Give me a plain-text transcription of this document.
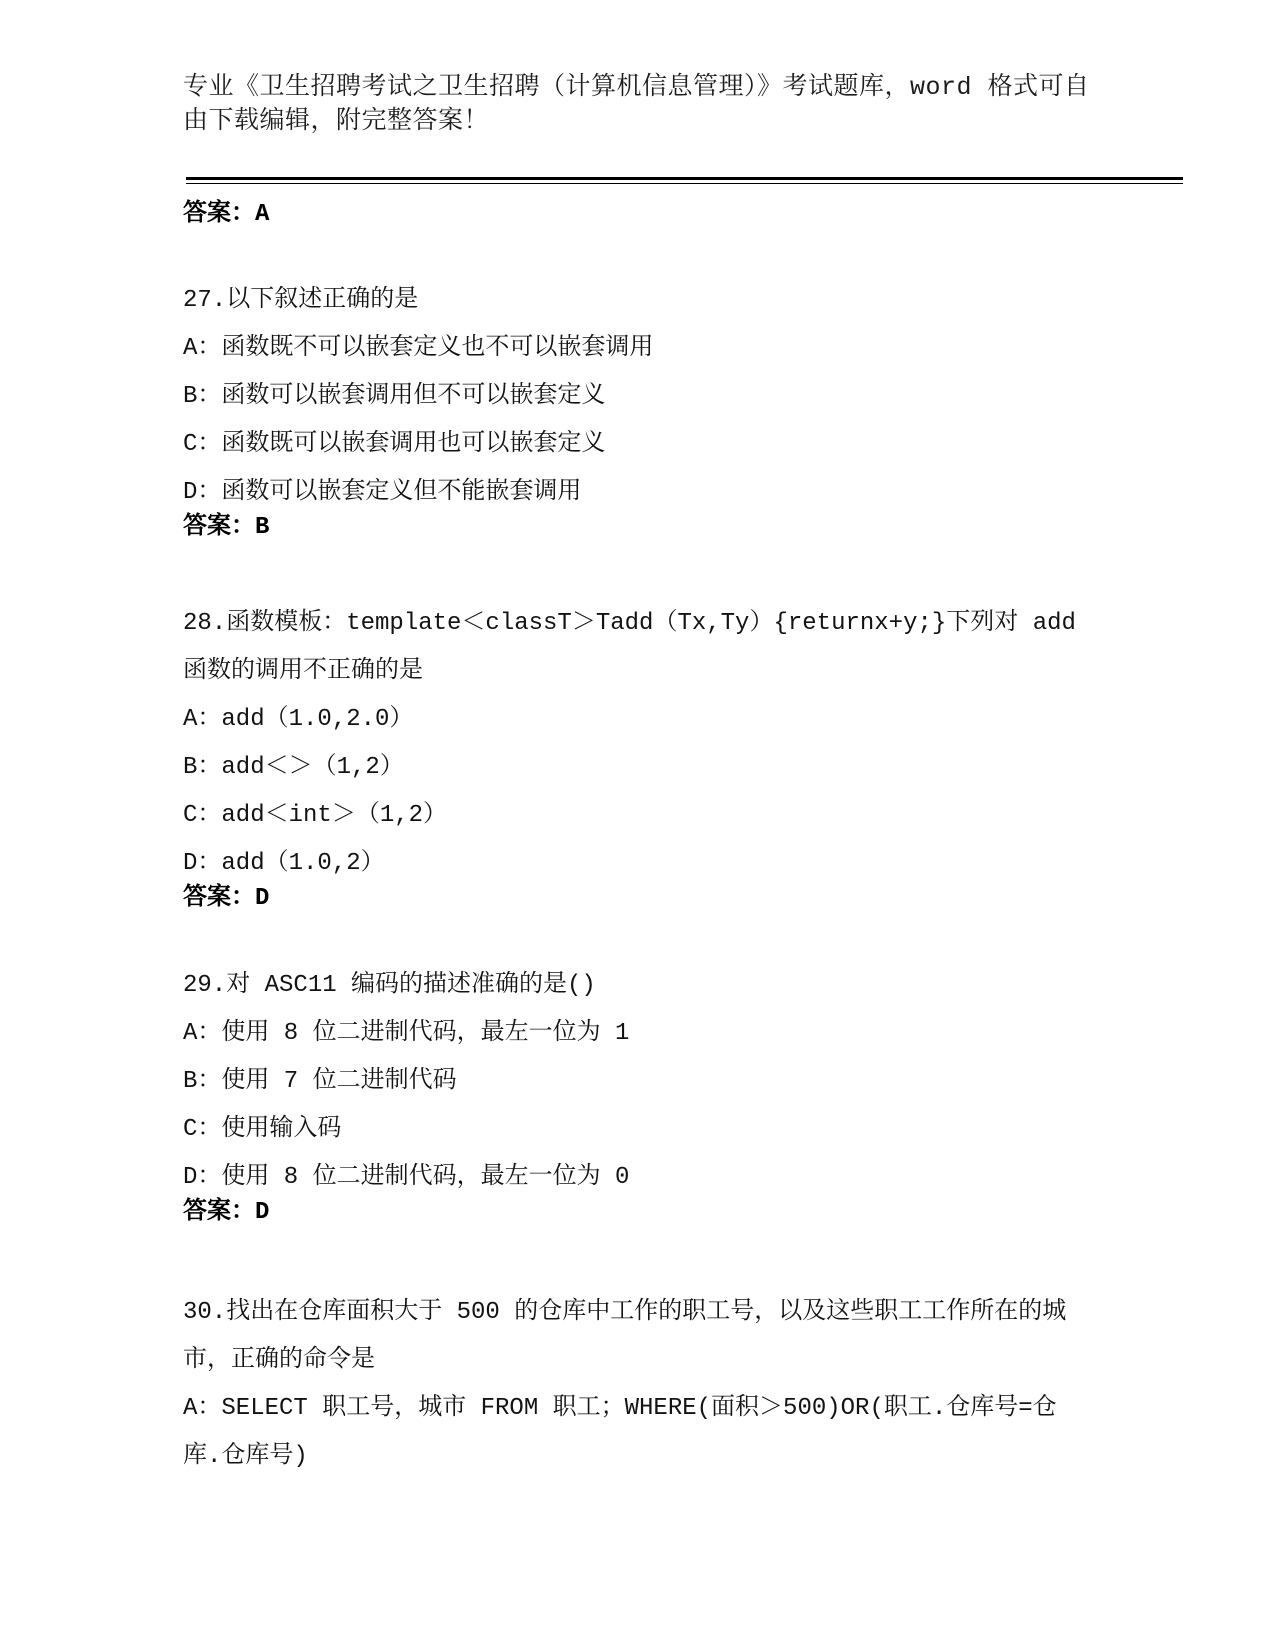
专业《卫生招聘考试之卫生招聘（计算机信息管理）》考试题库，word 格式可自由下载编辑，附完整答案！

答案：A

27.以下叙述正确的是

A：函数既不可以嵌套定义也不可以嵌套调用

B：函数可以嵌套调用但不可以嵌套定义

C：函数既可以嵌套调用也可以嵌套定义

D：函数可以嵌套定义但不能嵌套调用

答案：B

28.函数模板：template＜classT＞Tadd（Tx,Ty）{returnx+y;}下列对 add 函数的调用不正确的是

A：add（1.0,2.0）

B：add＜＞（1,2）

C：add＜int＞（1,2）

D：add（1.0,2）

答案：D

29.对 ASC11 编码的描述准确的是()

A：使用 8 位二进制代码，最左一位为 1

B：使用 7 位二进制代码

C：使用输入码

D：使用 8 位二进制代码，最左一位为 0

答案：D

30.找出在仓库面积大于 500 的仓库中工作的职工号，以及这些职工工作所在的城市，正确的命令是

A：SELECT 职工号，城市 FROM 职工；WHERE(面积＞500)OR(职工.仓库号=仓库.仓库号)
